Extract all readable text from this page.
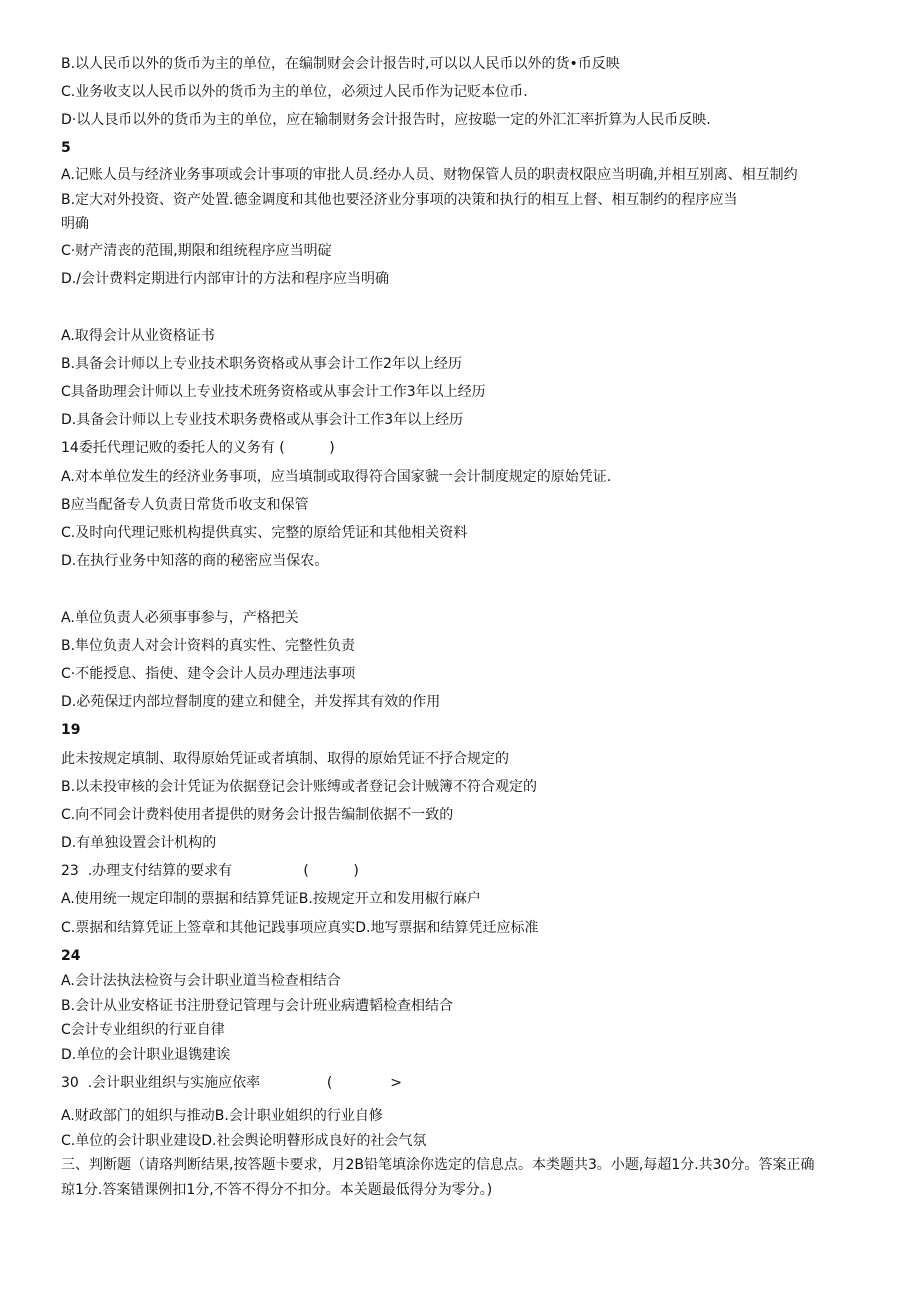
B.以人民币以外的货币为主的单位，在编制财会会计报告时,可以以人民币以外的货•币反映
C.业务收支以人民币以外的货币为主的单位，必须过人民币作为记贬本位币.
D·以人艮币以外的货币为主的单位，应在输制财务会计报告时，应按聪一定的外汇汇率折算为人民币反映.
5
A.记账人员与经济业务事项或会计事项的审批人员.经办人员、财物保管人员的职责权限应当明确,并相互别离、相互制约
B.定大对外投资、资产处置.德金调度和其他也要泾济业分事项的决策和执行的相互上督、相互制约的程序应当
明确
C·财产清丧的范围,期限和组统程序应当明碇
D./会计费料定期进行内部审计的方法和程序应当明确
A.取得会计从业资格证书
B.具备会计师以上专业技术职务资格或从事会计工作2年以上经历
C具备助理会计师以上专业技术班务资格或从事会计工作3年以上经历
D.具备会计师以上专业技术职务费格或从事会计工作3年以上经历
14委托代理记败的委托人的义务有 (          )
A.对本单位发生的经济业务事项，应当填制或取得符合国家虢一会计制度规定的原始凭证.
B应当配备专人负责日常货币收支和保管
C.及时向代理记账机构提供真实、完整的原给凭证和其他相关资料
D.在执行业务中知落的商的秘密应当保农。
A.单位负责人必须事事参与，产格把关
B.隼位负责人对会计资料的真实性、完整性负责
C·不能授息、指使、建令会计人员办理违法事项
D.必苑保迂内部垃督制度的建立和健全，并发挥其有效的作用
19
此未按规定填制、取得原始凭证或者填制、取得的原始凭证不抒合规定的
B.以未投审核的会计凭证为依据登记会计账缚或者登记会计贼簿不符合观定的
C.向不同会计费料使用者提供的财务会计报告编制依据不一致的
D.有单独设置会计机构的
23  .办理支付结算的要求有                (          )
A.使用统一规定印制的票据和结算凭证B.按规定开立和发用椒行麻户
C.票据和结算凭证上签章和其他记践事项应真实D.地写票据和结算凭迁应标准
24
A.会计法执法检资与会计职业道当检查相结合
B.会计从业安格证书注册登记管理与会计班业病遭韬检查相结合
C会计专业组织的行亚自律
D.单位的会计职业退镌建诶
30  .会计职业组织与实施应依率               (             >
A.财政部门的姐织与推动B.会计职业姐织的行业自修
C.单位的会计职业建设D.社会舆论明瞽形成良好的社会气氛
三、判断题（请珞判断结果,按答题卡要求，月2B铅笔填涂你选定的信息点。本类题共3。小题,每超1分.共30分。答案正确
琼1分.答案错课例扣1分,不答不得分不扣分。本关题最低得分为零分。)
